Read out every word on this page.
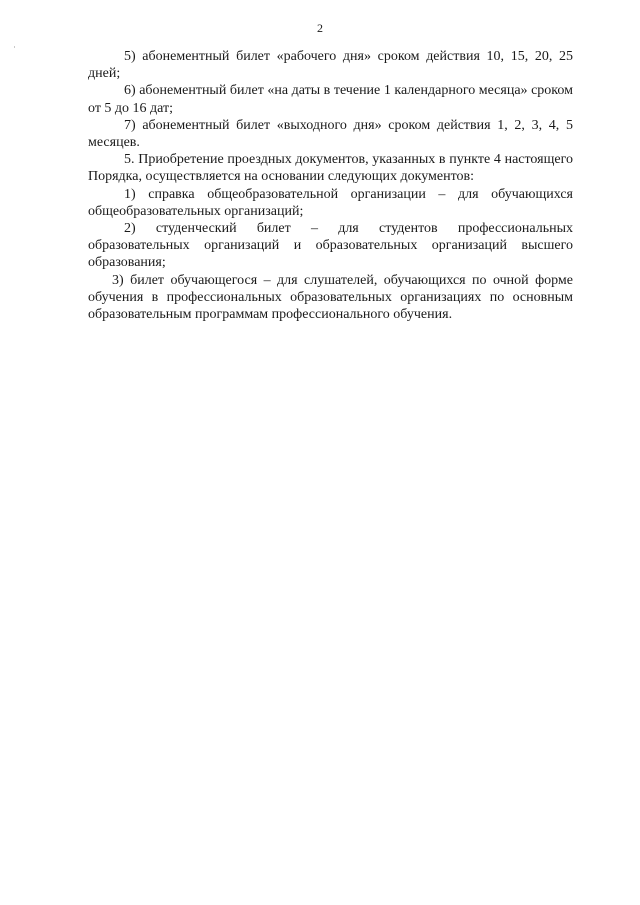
2

5) абонементный билет «рабочего дня» сроком действия 10, 15, 20, 25 дней;

6) абонементный билет «на даты в течение 1 календарного месяца» сроком от 5 до 16 дат;

7) абонементный билет «выходного дня» сроком действия 1, 2, 3, 4, 5 месяцев.

5. Приобретение проездных документов, указанных в пункте 4 настоящего Порядка, осуществляется на основании следующих документов:

1) справка общеобразовательной организации – для обучающихся общеобразовательных организаций;

2) студенческий билет – для студентов профессиональных образовательных организаций и образовательных организаций высшего образования;

3) билет обучающегося – для слушателей, обучающихся по очной форме обучения в профессиональных образовательных организациях по основным образовательным программам профессионального обучения.
